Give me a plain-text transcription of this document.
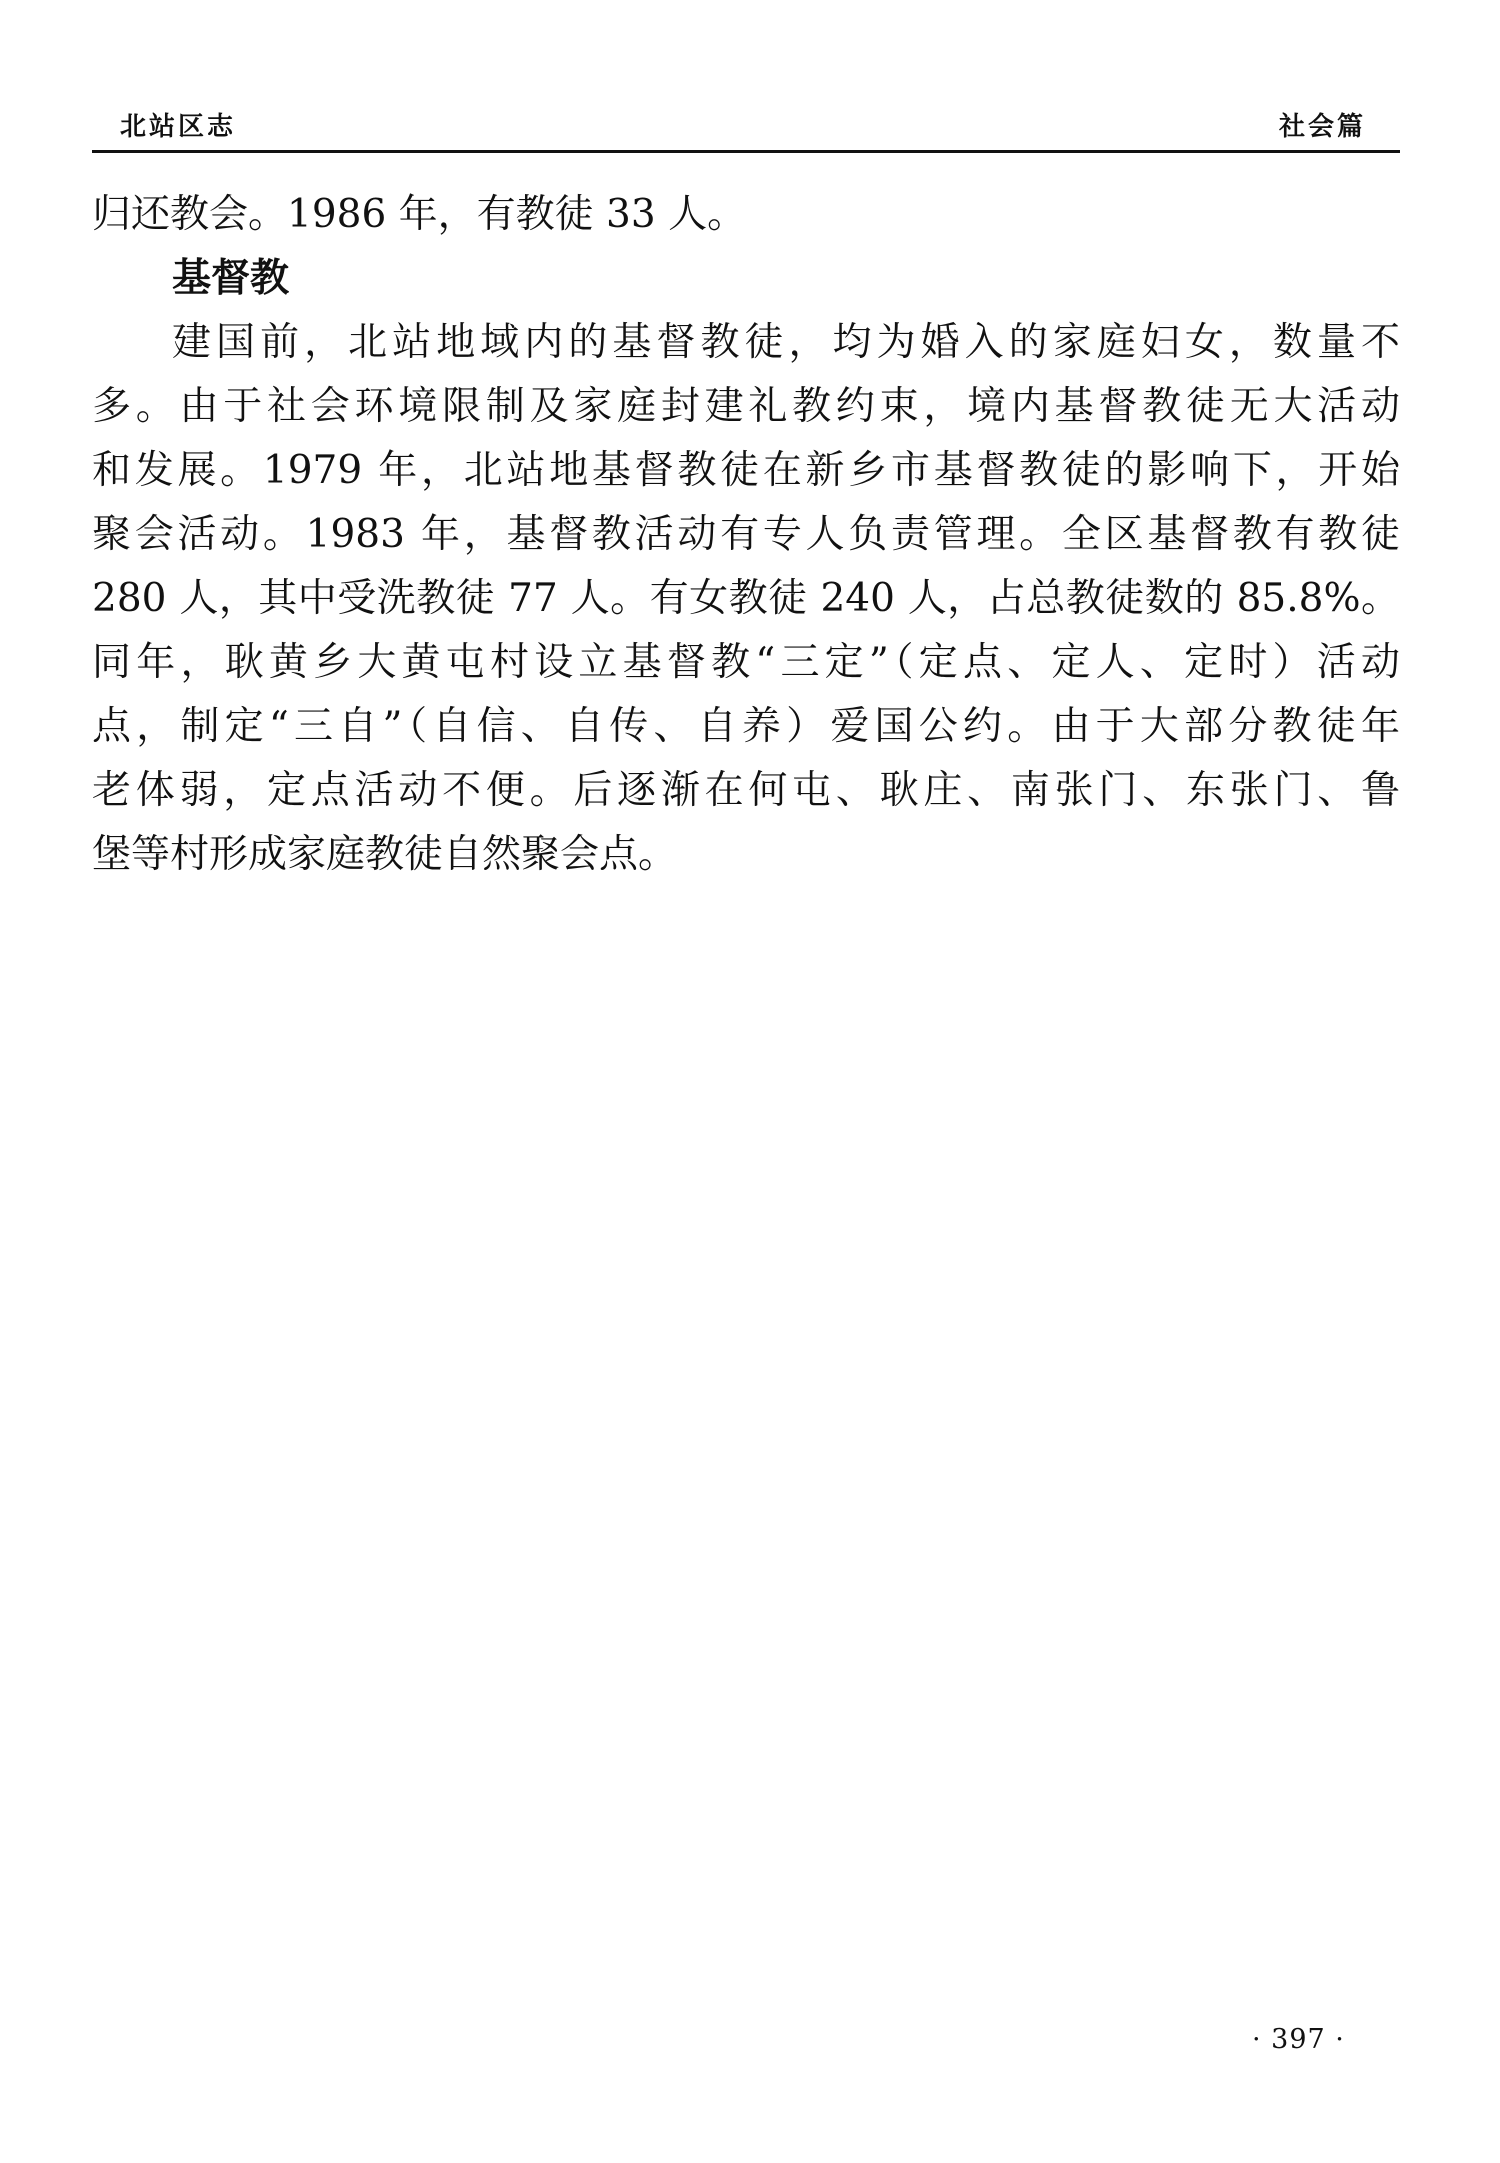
北站区志	社会篇
归还教会。1986 年，有教徒 33 人。
基督教
建国前，北站地域内的基督教徒，均为婚入的家庭妇女，数量不
多。由于社会环境限制及家庭封建礼教约束，境内基督教徒无大活动
和发展。1979 年，北站地基督教徒在新乡市基督教徒的影响下，开始
聚会活动。1983 年，基督教活动有专人负责管理。全区基督教有教徒
280 人，其中受洗教徒 77 人。有女教徒 240 人，占总教徒数的 85.8%。
同年，耿黄乡大黄屯村设立基督教“三定”（定点、定人、定时）活动
点，制定“三自”（自信、自传、自养）爱国公约。由于大部分教徒年
老体弱，定点活动不便。后逐渐在何屯、耿庄、南张门、东张门、鲁
堡等村形成家庭教徒自然聚会点。
· 397 ·
